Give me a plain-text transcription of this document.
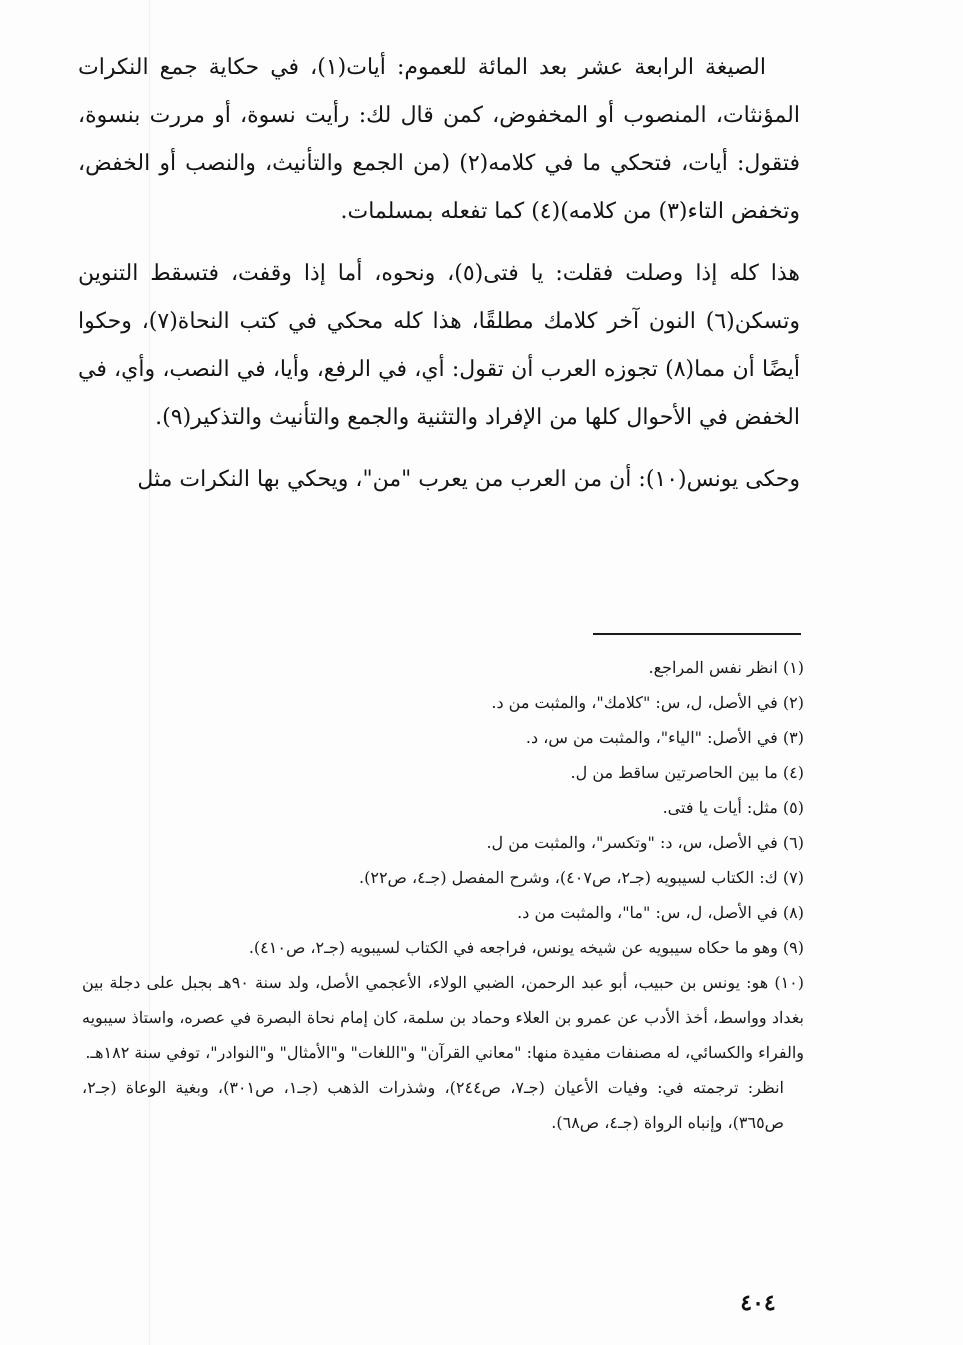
الصيغة الرابعة عشر بعد المائة للعموم: أيات(١)، في حكاية جمع النكرات المؤنثات، المنصوب أو المخفوض، كمن قال لك: رأيت نسوة، أو مررت بنسوة، فتقول: أيات، فتحكي ما في كلامه(٢) (من الجمع والتأنيث، والنصب أو الخفض، وتخفض التاء(٣) من كلامه)(٤) كما تفعله بمسلمات.

هذا كله إذا وصلت فقلت: يا فتى(٥)، ونحوه، أما إذا وقفت، فتسقط التنوين وتسكن(٦) النون آخر كلامك مطلقًا، هذا كله محكي في كتب النحاة(٧)، وحكوا أيضًا أن مما(٨) تجوزه العرب أن تقول: أي، في الرفع، وأيا، في النصب، وأي، في الخفض في الأحوال كلها من الإفراد والتثنية والجمع والتأنيث والتذكير(٩).

وحكى يونس(١٠): أن من العرب من يعرب "من"، ويحكي بها النكرات مثل

(١) انظر نفس المراجع.

(٢) في الأصل، ل، س: "كلامك"، والمثبت من د.

(٣) في الأصل: "الياء"، والمثبت من س، د.

(٤) ما بين الحاصرتين ساقط من ل.

(٥) مثل: أيات يا فتى.

(٦) في الأصل، س، د: "وتكسر"، والمثبت من ل.

(٧) ك: الكتاب لسيبويه (جـ٢، ص٤٠٧)، وشرح المفصل (جـ٤، ص٢٢).

(٨) في الأصل، ل، س: "ما"، والمثبت من د.

(٩) وهو ما حكاه سيبويه عن شيخه يونس، فراجعه في الكتاب لسيبويه (جـ٢، ص٤١٠).

(١٠) هو: يونس بن حبيب، أبو عبد الرحمن، الضبي الولاء، الأعجمي الأصل، ولد سنة ٩٠هـ بجبل على دجلة بين بغداد وواسط، أخذ الأدب عن عمرو بن العلاء وحماد بن سلمة، كان إمام نحاة البصرة في عصره، واستاذ سيبويه والفراء والكسائي، له مصنفات مفيدة منها: "معاني القرآن" و"اللغات" و"الأمثال" و"النوادر"، توفي سنة ١٨٢هـ.

انظر: ترجمته في: وفيات الأعيان (جـ٧، ص٢٤٤)، وشذرات الذهب (جـ١، ص٣٠١)، وبغية الوعاة (جـ٢، ص٣٦٥)، وإنباه الرواة (جـ٤، ص٦٨).

٤٠٤
